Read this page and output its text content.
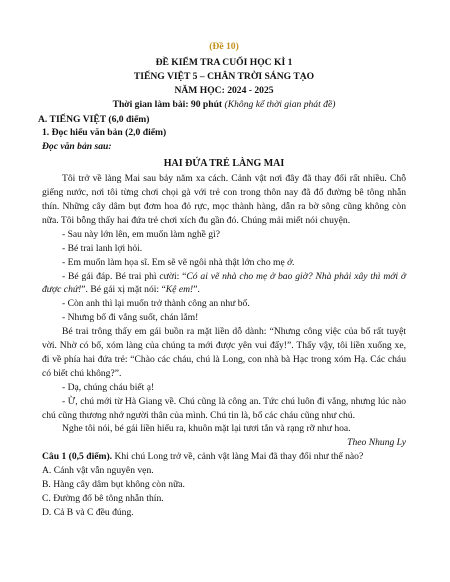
(Đề 10)
ĐỀ KIỂM TRA CUỐI HỌC KÌ 1
TIẾNG VIỆT 5 – CHÂN TRỜI SÁNG TẠO
NĂM HỌC: 2024 - 2025
Thời gian làm bài: 90 phút (Không kể thời gian phát đề)
A. TIẾNG VIỆT (6,0 điểm)
1. Đọc hiểu văn bản (2,0 điểm)
Đọc văn bản sau:
HAI ĐỨA TRẺ LÀNG MAI
Tôi trở về làng Mai sau bảy năm xa cách. Cảnh vật nơi đây đã thay đổi rất nhiều. Chỗ giếng nước, nơi tôi từng chơi chọi gà với trẻ con trong thôn nay đã đổ đường bê tông nhẵn thín. Những cây dâm bụt đơm hoa đỏ rực, mọc thành hàng, dẫn ra bờ sông cũng không còn nữa. Tôi bỗng thấy hai đứa trẻ chơi xích đu gần đó. Chúng mải miết nói chuyện.
- Sau này lớn lên, em muốn làm nghề gì?
- Bé trai lanh lợi hỏi.
- Em muốn làm họa sĩ. Em sẽ vẽ ngôi nhà thật lớn cho mẹ ở.
- Bé gái đáp. Bé trai phì cười: “Có ai vẽ nhà cho mẹ ở bao giờ? Nhà phải xây thì mới ở được chứ!”. Bé gái xị mặt nói: “Kệ em!”.
- Còn anh thì lại muốn trở thành công an như bố.
- Nhưng bố đi vắng suốt, chán lắm!
Bé trai trông thấy em gái buồn ra mặt liền dỗ dành: “Nhưng công việc của bố rất tuyệt vời. Nhờ có bố, xóm làng của chúng ta mới được yên vui đấy!”. Thấy vậy, tôi liền xuống xe, đi về phía hai đứa trẻ: “Chào các cháu, chú là Long, con nhà bà Hạc trong xóm Hạ. Các cháu có biết chú không?”.
- Dạ, chúng cháu biết ạ!
- Ừ, chú mới từ Hà Giang về. Chú cũng là công an. Tức chú luôn đi vắng, nhưng lúc nào chú cũng thương nhớ người thân của mình. Chú tin là, bố các cháu cũng như chú.
Nghe tôi nói, bé gái liền hiểu ra, khuôn mặt lại tươi tắn và rạng rỡ như hoa.
Theo Nhung Ly
Câu 1 (0,5 điểm). Khi chú Long trở về, cảnh vật làng Mai đã thay đổi như thế nào?
A. Cánh vật vẫn nguyên vẹn.
B. Hàng cây dâm bụt không còn nữa.
C. Đường đổ bê tông nhẵn thín.
D. Cả B và C đều đúng.
